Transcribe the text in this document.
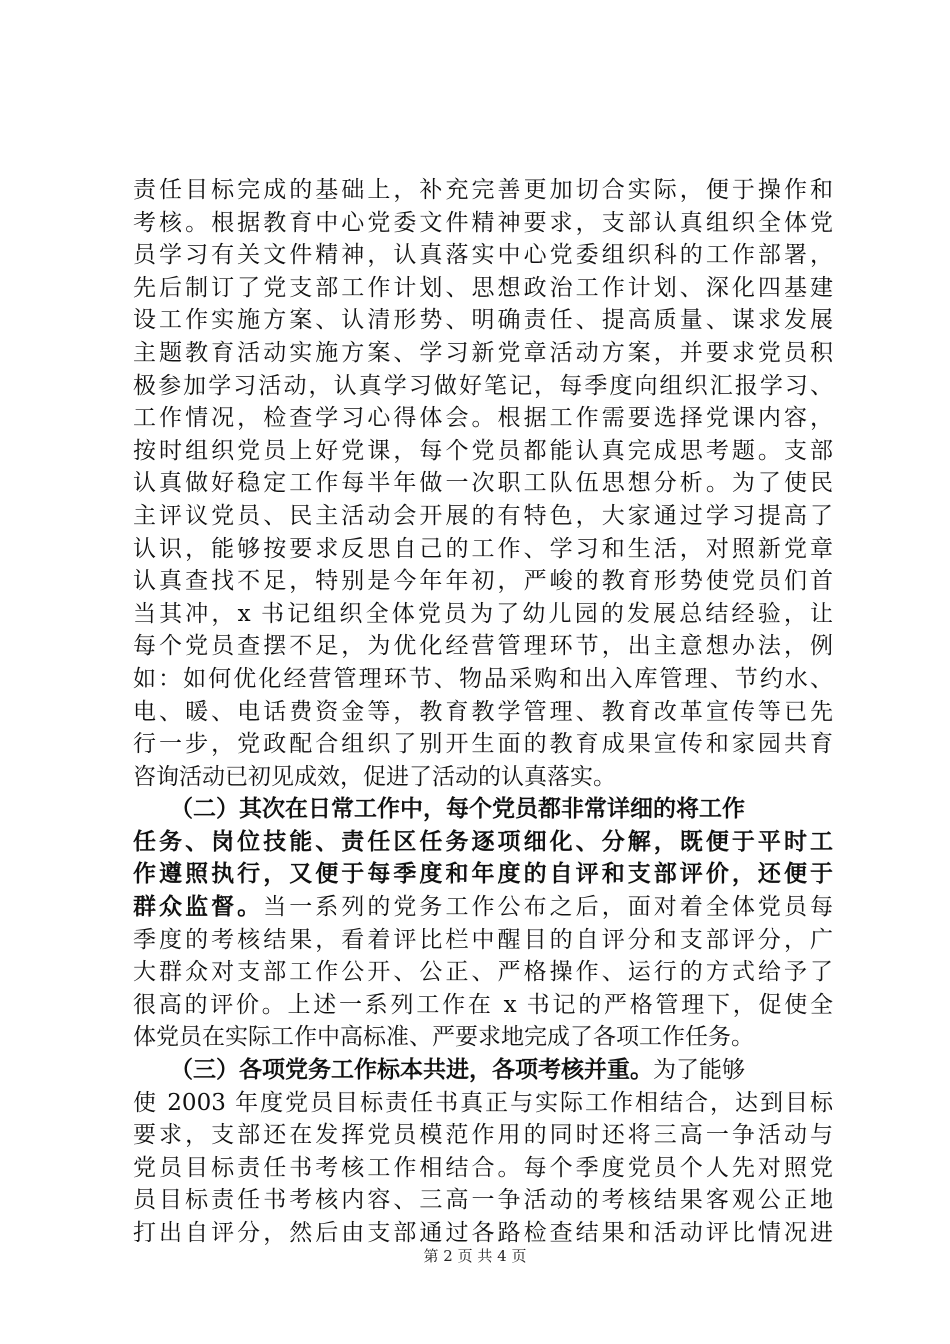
责任目标完成的基础上，补充完善更加切合实际，便于操作和
考核。根据教育中心党委文件精神要求，支部认真组织全体党
员学习有关文件精神，认真落实中心党委组织科的工作部署，
先后制订了党支部工作计划、思想政治工作计划、深化四基建
设工作实施方案、认清形势、明确责任、提高质量、谋求发展
主题教育活动实施方案、学习新党章活动方案，并要求党员积
极参加学习活动，认真学习做好笔记，每季度向组织汇报学习、
工作情况，检查学习心得体会。根据工作需要选择党课内容，
按时组织党员上好党课，每个党员都能认真完成思考题。支部
认真做好稳定工作每半年做一次职工队伍思想分析。为了使民
主评议党员、民主活动会开展的有特色，大家通过学习提高了
认识，能够按要求反思自己的工作、学习和生活，对照新党章
认真查找不足，特别是今年年初，严峻的教育形势使党员们首
当其冲，x 书记组织全体党员为了幼儿园的发展总结经验，让
每个党员查摆不足，为优化经营管理环节，出主意想办法，例
如：如何优化经营管理环节、物品采购和出入库管理、节约水、
电、暖、电话费资金等，教育教学管理、教育改革宣传等已先
行一步，党政配合组织了别开生面的教育成果宣传和家园共育
咨询活动已初见成效，促进了活动的认真落实。
（二）其次在日常工作中，每个党员都非常详细的将工作
任务、岗位技能、责任区任务逐项细化、分解，既便于平时工
作遵照执行，又便于每季度和年度的自评和支部评价，还便于
群众监督。当一系列的党务工作公布之后，面对着全体党员每
季度的考核结果，看着评比栏中醒目的自评分和支部评分，广
大群众对支部工作公开、公正、严格操作、运行的方式给予了
很高的评价。上述一系列工作在 x 书记的严格管理下，促使全
体党员在实际工作中高标准、严要求地完成了各项工作任务。
（三）各项党务工作标本共进，各项考核并重。为了能够
使 2003 年度党员目标责任书真正与实际工作相结合，达到目标
要求，支部还在发挥党员模范作用的同时还将三高一争活动与
党员目标责任书考核工作相结合。每个季度党员个人先对照党
员目标责任书考核内容、三高一争活动的考核结果客观公正地
打出自评分，然后由支部通过各路检查结果和活动评比情况进
第 2 页 共 4 页
